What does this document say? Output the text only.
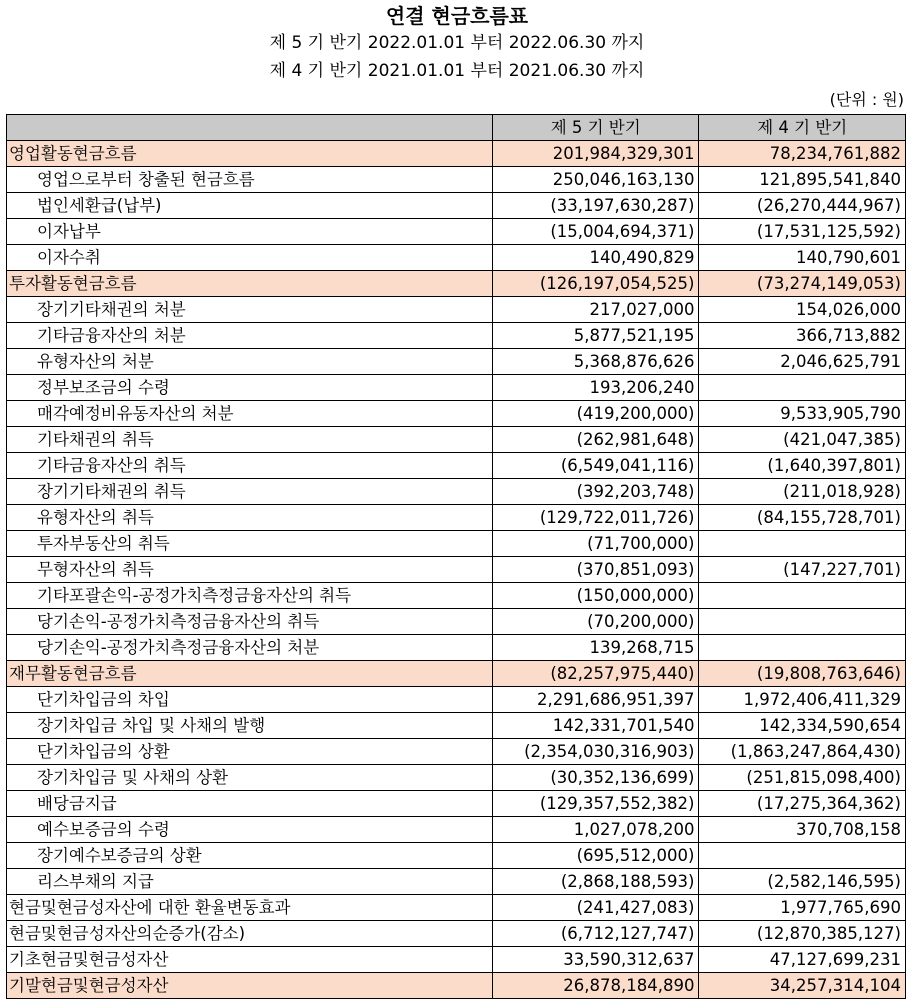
연결 현금흐름표
제 5 기 반기 2022.01.01 부터 2022.06.30 까지
제 4 기 반기 2021.01.01 부터 2021.06.30 까지
(단위 : 원)
	제 5 기 반기	제 4 기 반기
영업활동현금흐름	201,984,329,301	78,234,761,882
영업으로부터 창출된 현금흐름	250,046,163,130	121,895,541,840
법인세환급(납부)	(33,197,630,287)	(26,270,444,967)
이자납부	(15,004,694,371)	(17,531,125,592)
이자수취	140,490,829	140,790,601
투자활동현금흐름	(126,197,054,525)	(73,274,149,053)
장기기타채권의 처분	217,027,000	154,026,000
기타금융자산의 처분	5,877,521,195	366,713,882
유형자산의 처분	5,368,876,626	2,046,625,791
정부보조금의 수령	193,206,240	
매각예정비유동자산의 처분	(419,200,000)	9,533,905,790
기타채권의 취득	(262,981,648)	(421,047,385)
기타금융자산의 취득	(6,549,041,116)	(1,640,397,801)
장기기타채권의 취득	(392,203,748)	(211,018,928)
유형자산의 취득	(129,722,011,726)	(84,155,728,701)
투자부동산의 취득	(71,700,000)	
무형자산의 취득	(370,851,093)	(147,227,701)
기타포괄손익-공정가치측정금융자산의 취득	(150,000,000)	
당기손익-공정가치측정금융자산의 취득	(70,200,000)	
당기손익-공정가치측정금융자산의 처분	139,268,715	
재무활동현금흐름	(82,257,975,440)	(19,808,763,646)
단기차입금의 차입	2,291,686,951,397	1,972,406,411,329
장기차입금 차입 및 사채의 발행	142,331,701,540	142,334,590,654
단기차입금의 상환	(2,354,030,316,903)	(1,863,247,864,430)
장기차입금 및 사채의 상환	(30,352,136,699)	(251,815,098,400)
배당금지급	(129,357,552,382)	(17,275,364,362)
예수보증금의 수령	1,027,078,200	370,708,158
장기예수보증금의 상환	(695,512,000)	
리스부채의 지급	(2,868,188,593)	(2,582,146,595)
현금및현금성자산에 대한 환율변동효과	(241,427,083)	1,977,765,690
현금및현금성자산의순증가(감소)	(6,712,127,747)	(12,870,385,127)
기초현금및현금성자산	33,590,312,637	47,127,699,231
기말현금및현금성자산	26,878,184,890	34,257,314,104
